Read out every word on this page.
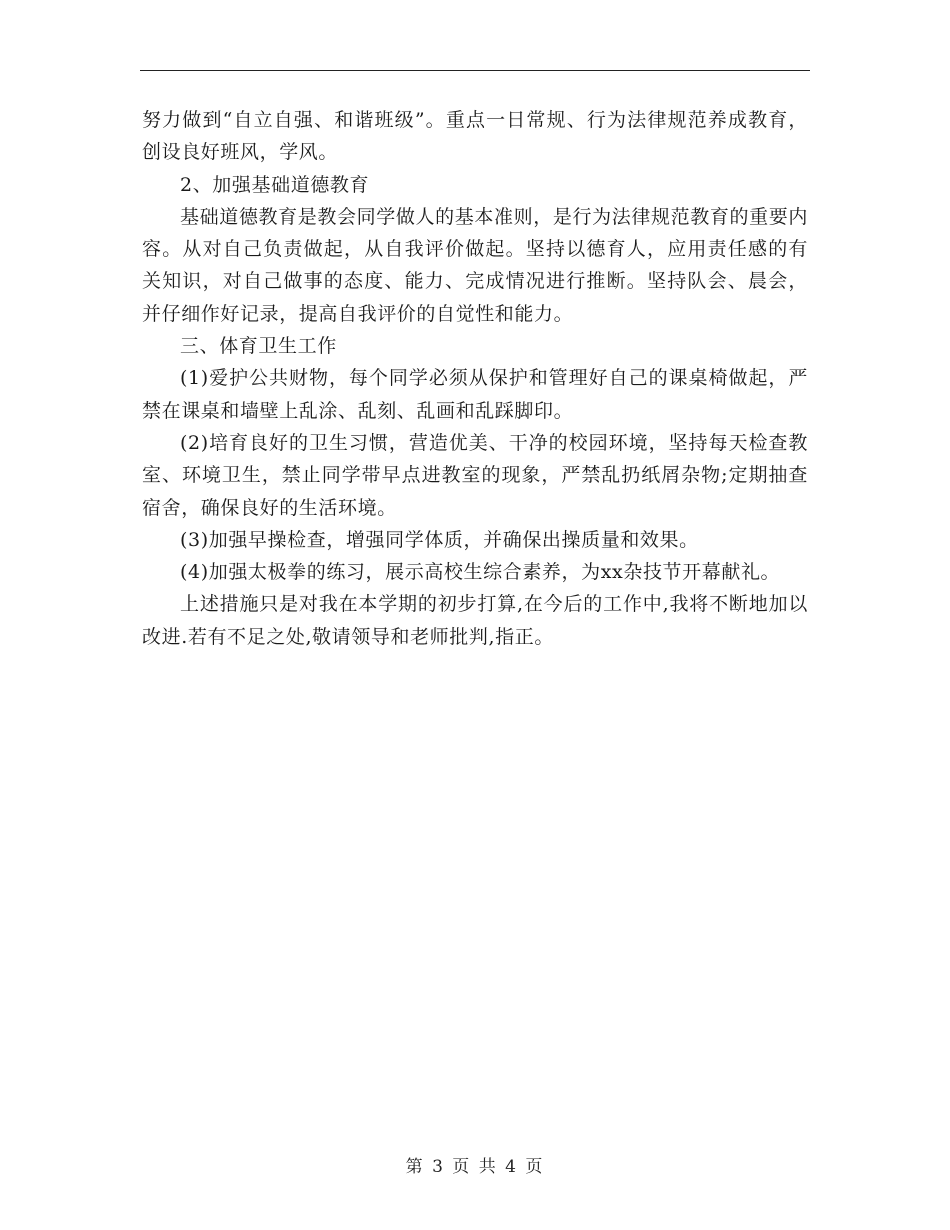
努力做到“自立自强、和谐班级”。重点一日常规、行为法律规范养成教育，创设良好班风，学风。

2、加强基础道德教育

基础道德教育是教会同学做人的基本准则，是行为法律规范教育的重要内容。从对自己负责做起，从自我评价做起。坚持以德育人，应用责任感的有关知识，对自己做事的态度、能力、完成情况进行推断。坚持队会、晨会，并仔细作好记录，提高自我评价的自觉性和能力。

三、体育卫生工作

(1)爱护公共财物，每个同学必须从保护和管理好自己的课桌椅做起，严禁在课桌和墙壁上乱涂、乱刻、乱画和乱踩脚印。

(2)培育良好的卫生习惯，营造优美、干净的校园环境，坚持每天检查教室、环境卫生，禁止同学带早点进教室的现象，严禁乱扔纸屑杂物;定期抽查宿舍，确保良好的生活环境。

(3)加强早操检查，增强同学体质，并确保出操质量和效果。

(4)加强太极拳的练习，展示高校生综合素养，为xx杂技节开幕献礼。

上述措施只是对我在本学期的初步打算,在今后的工作中,我将不断地加以改进.若有不足之处,敬请领导和老师批判,指正。

第 3 页 共 4 页
